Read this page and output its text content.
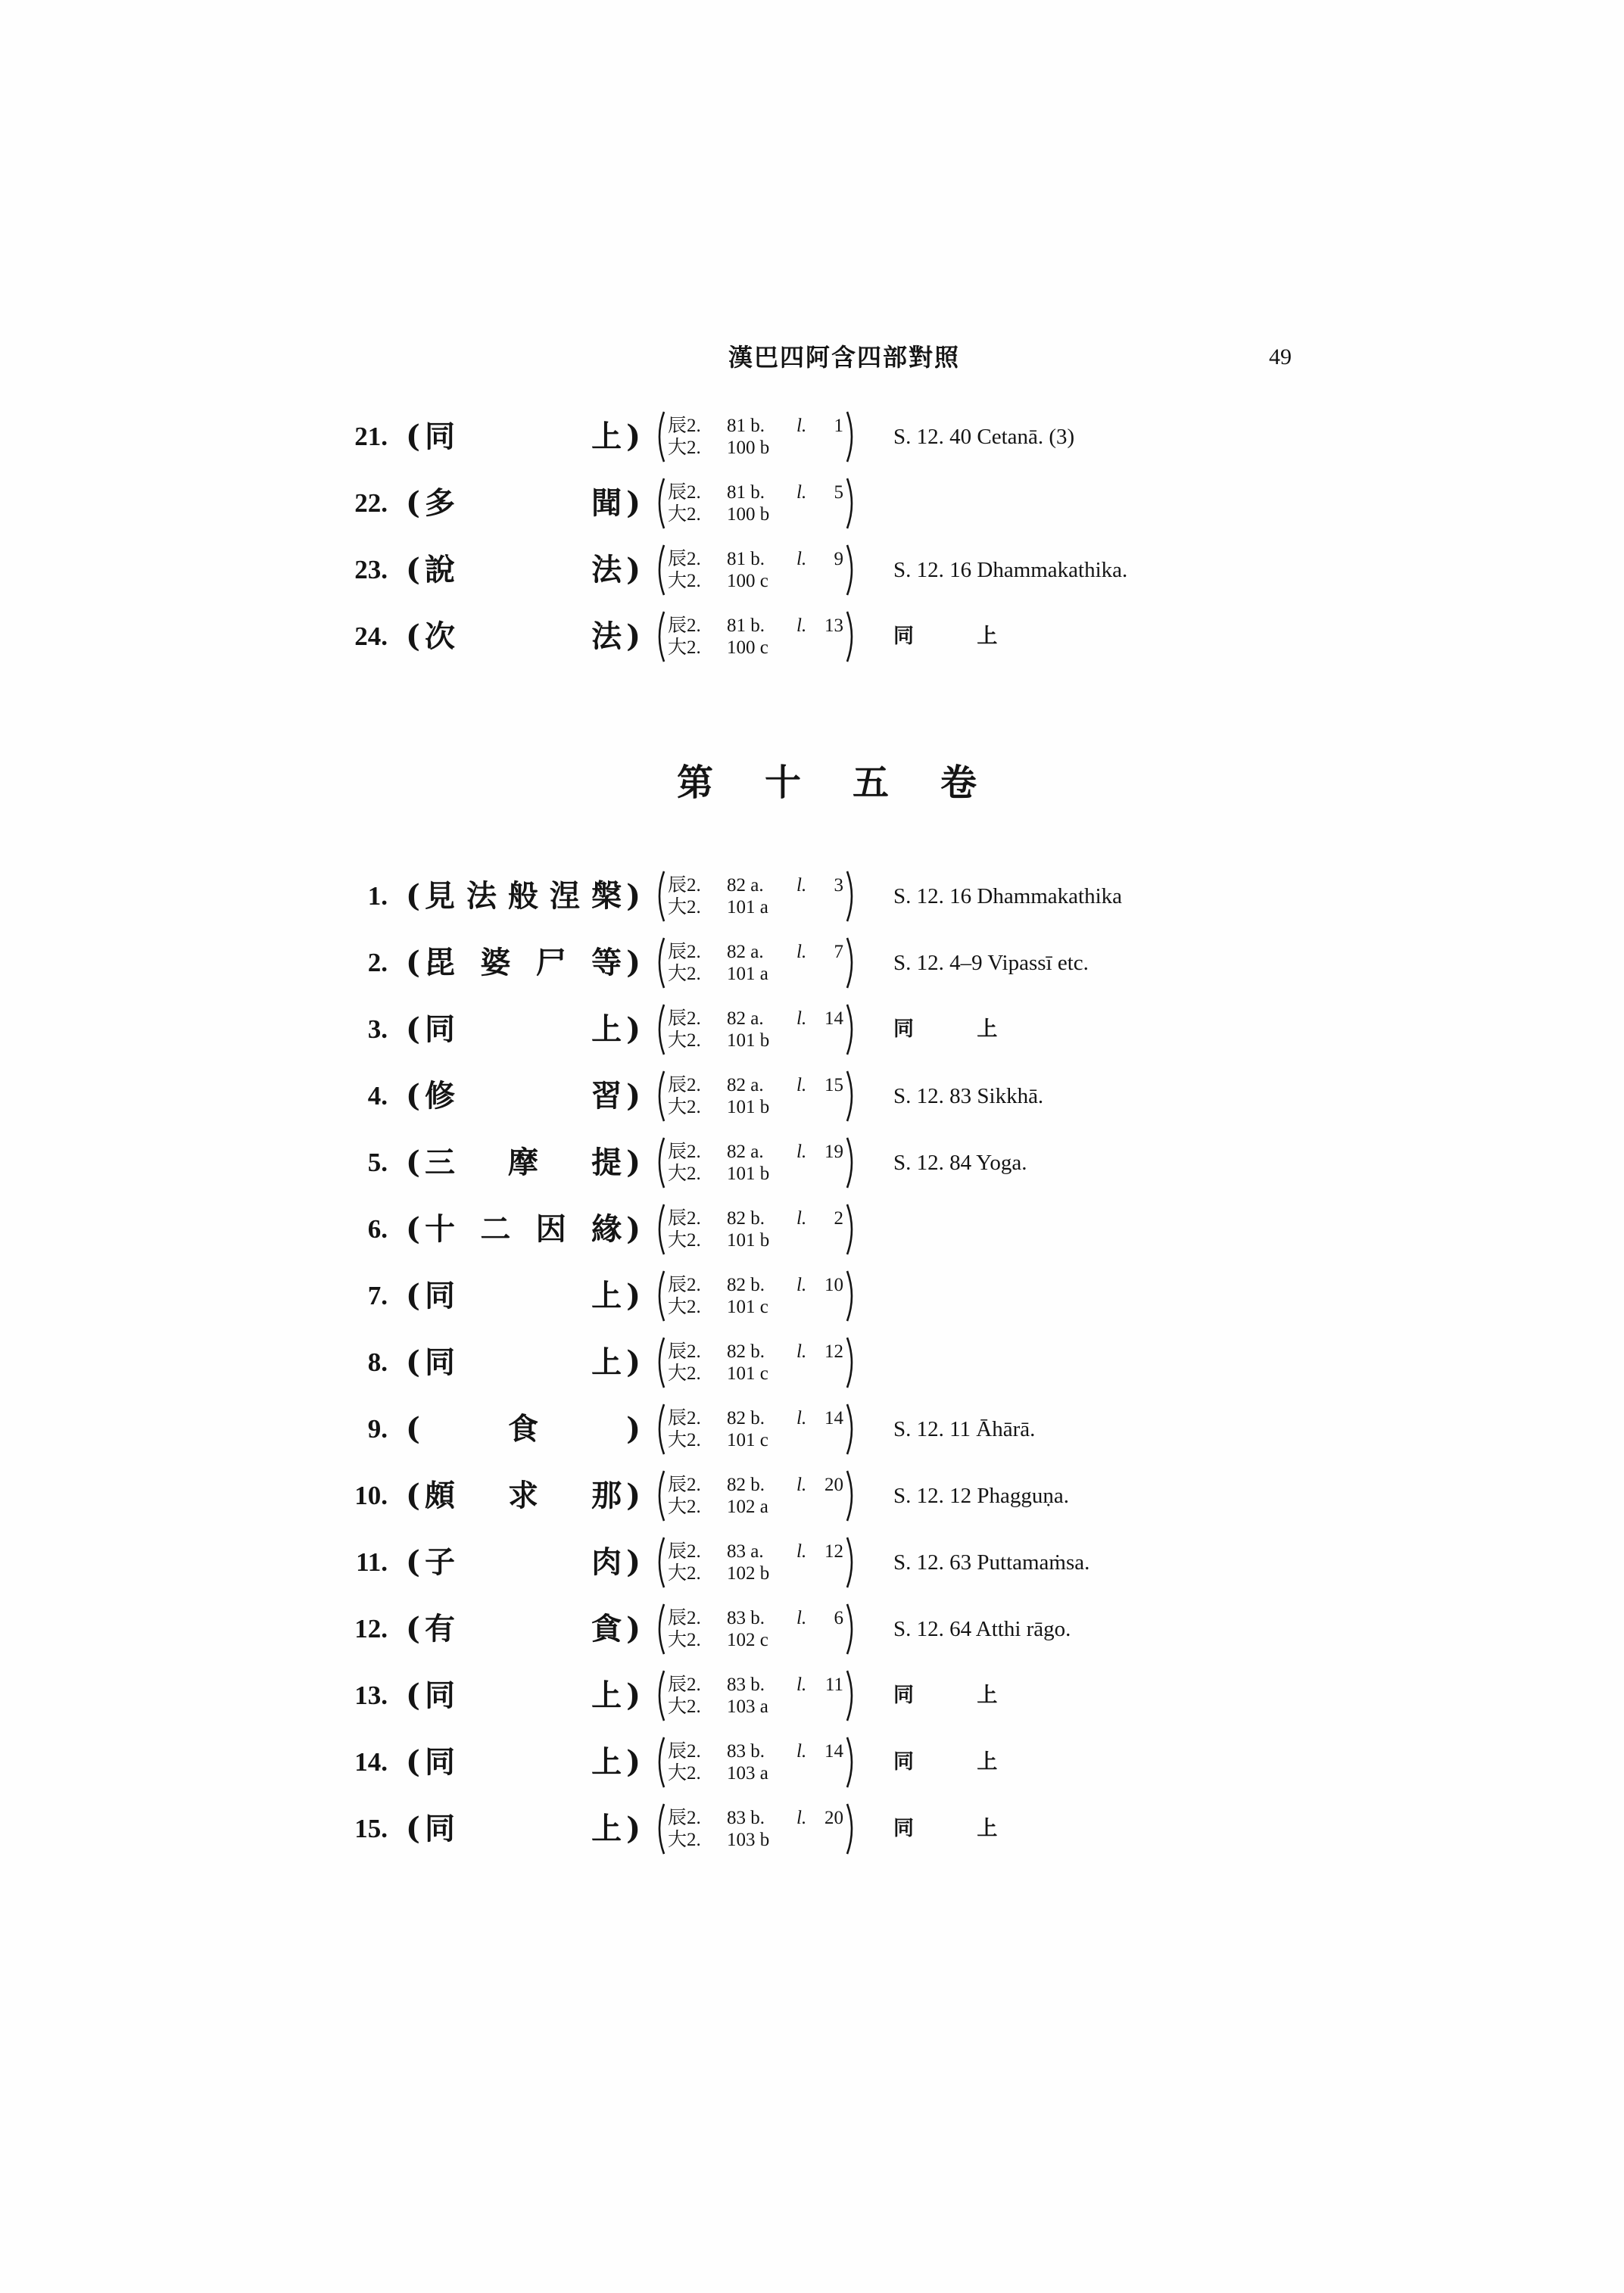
漢巴四阿含四部對照	49
21. ( 同	上 ) 辰2.	81 b.	l.	1
大2.	100 b	S. 12. 40 Cetanā. (3)
22. ( 多	聞 ) 辰2.	81 b.	l.	5
大2.	100 b
23. ( 說	法 ) 辰2.	81 b.	l.	9
大2.	100 c	S. 12. 16 Dhammakathika.
24. ( 次	法 ) 辰2.	81 b.	l. 13
大2.	100 c	同 上
第十五卷
1. ( 見 法 般 涅 槃 ) 辰2.	82 a.	l.	3
大2.	101 a	S. 12. 16 Dhammakathika
2. ( 毘 婆 尸 等 ) 辰2.	82 a.	l.	7
大2.	101 a	S. 12. 4–9 Vipassī etc.
3. ( 同	上 ) 辰2.	82 a.	l. 14
大2.	101 b	同 上
4. ( 修	習 ) 辰2.	82 a.	l. 15
大2.	101 b	S. 12. 83 Sikkhā.
5. ( 三 摩 提 ) 辰2.	82 a.	l. 19
大2.	101 b	S. 12. 84 Yoga.
6. ( 十 二 因 緣 ) 辰2.	82 b.	l.	2
大2.	101 b
7. ( 同	上 ) 辰2.	82 b.	l. 10
大2.	101 c
8. ( 同	上 ) 辰2.	82 b.	l. 12
大2.	101 c
9. (	食	) 辰2.	82 b.	l. 14
大2.	101 c	S. 12. 11 Āhārā.
10. ( 頗 求 那 ) 辰2.	82 b.	l. 20
大2.	102 a	S. 12. 12 Phagguṇa.
11. ( 子	肉 ) 辰2.	83 a.	l. 12
大2.	102 b	S. 12. 63 Puttamaṁsa.
12. ( 有	貪 ) 辰2.	83 b.	l.	6
大2.	102 c	S. 12. 64 Atthi rāgo.
13. ( 同	上 ) 辰2.	83 b.	l. 11
大2.	103 a	同 上
14. ( 同	上 ) 辰2.	83 b.	l. 14
大2.	103 a	同 上
15. ( 同	上 ) 辰2.	83 b.	l. 20
大2.	103 b	同 上
